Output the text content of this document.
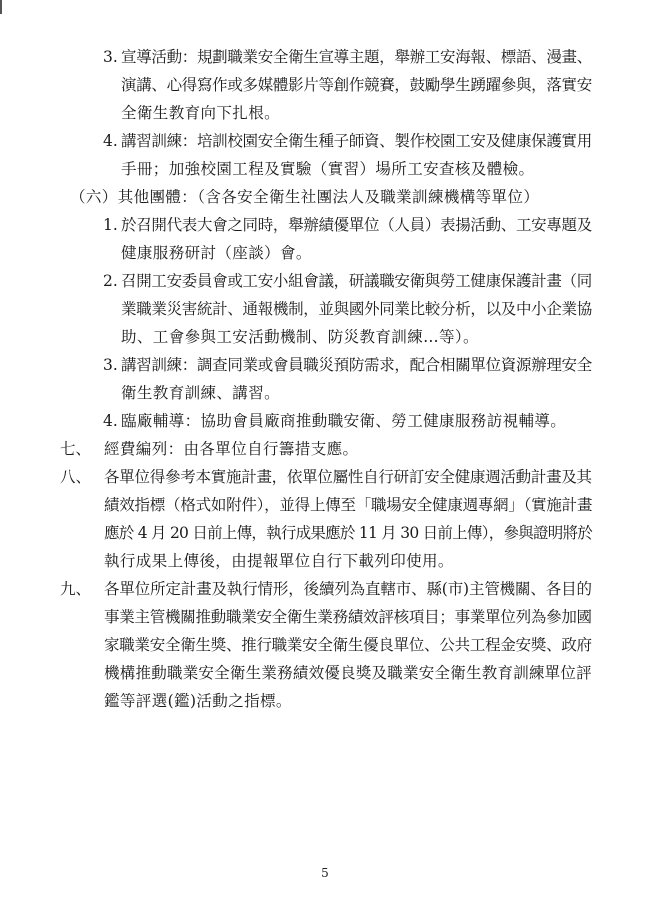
3. 宣導活動：規劃職業安全衛生宣導主題，舉辦工安海報、標語、漫畫、
演講、心得寫作或多媒體影片等創作競賽，鼓勵學生踴躍參與，落實安
全衛生教育向下扎根。
4. 講習訓練：培訓校園安全衛生種子師資、製作校園工安及健康保護實用
手冊；加強校園工程及實驗（實習）場所工安查核及體檢。
（六）其他團體：（含各安全衛生社團法人及職業訓練機構等單位）
1. 於召開代表大會之同時，舉辦績優單位（人員）表揚活動、工安專題及
健康服務研討（座談）會。
2. 召開工安委員會或工安小組會議，研議職安衛與勞工健康保護計畫（同
業職業災害統計、通報機制，並與國外同業比較分析，以及中小企業協
助、工會參與工安活動機制、防災教育訓練…等）。
3. 講習訓練：調查同業或會員職災預防需求，配合相關單位資源辦理安全
衛生教育訓練、講習。
4. 臨廠輔導：協助會員廠商推動職安衛、勞工健康服務訪視輔導。
七、 經費編列：由各單位自行籌措支應。
八、 各單位得參考本實施計畫，依單位屬性自行研訂安全健康週活動計畫及其
績效指標（格式如附件），並得上傳至「職場安全健康週專網」（實施計畫
應於 4 月 20 日前上傳，執行成果應於 11 月 30 日前上傳），參與證明將於
執行成果上傳後，由提報單位自行下載列印使用。
九、 各單位所定計畫及執行情形，後續列為直轄市、縣(市)主管機關、各目的
事業主管機關推動職業安全衛生業務績效評核項目；事業單位列為參加國
家職業安全衛生獎、推行職業安全衛生優良單位、公共工程金安獎、政府
機構推動職業安全衛生業務績效優良獎及職業安全衛生教育訓練單位評
鑑等評選(鑑)活動之指標。
5
